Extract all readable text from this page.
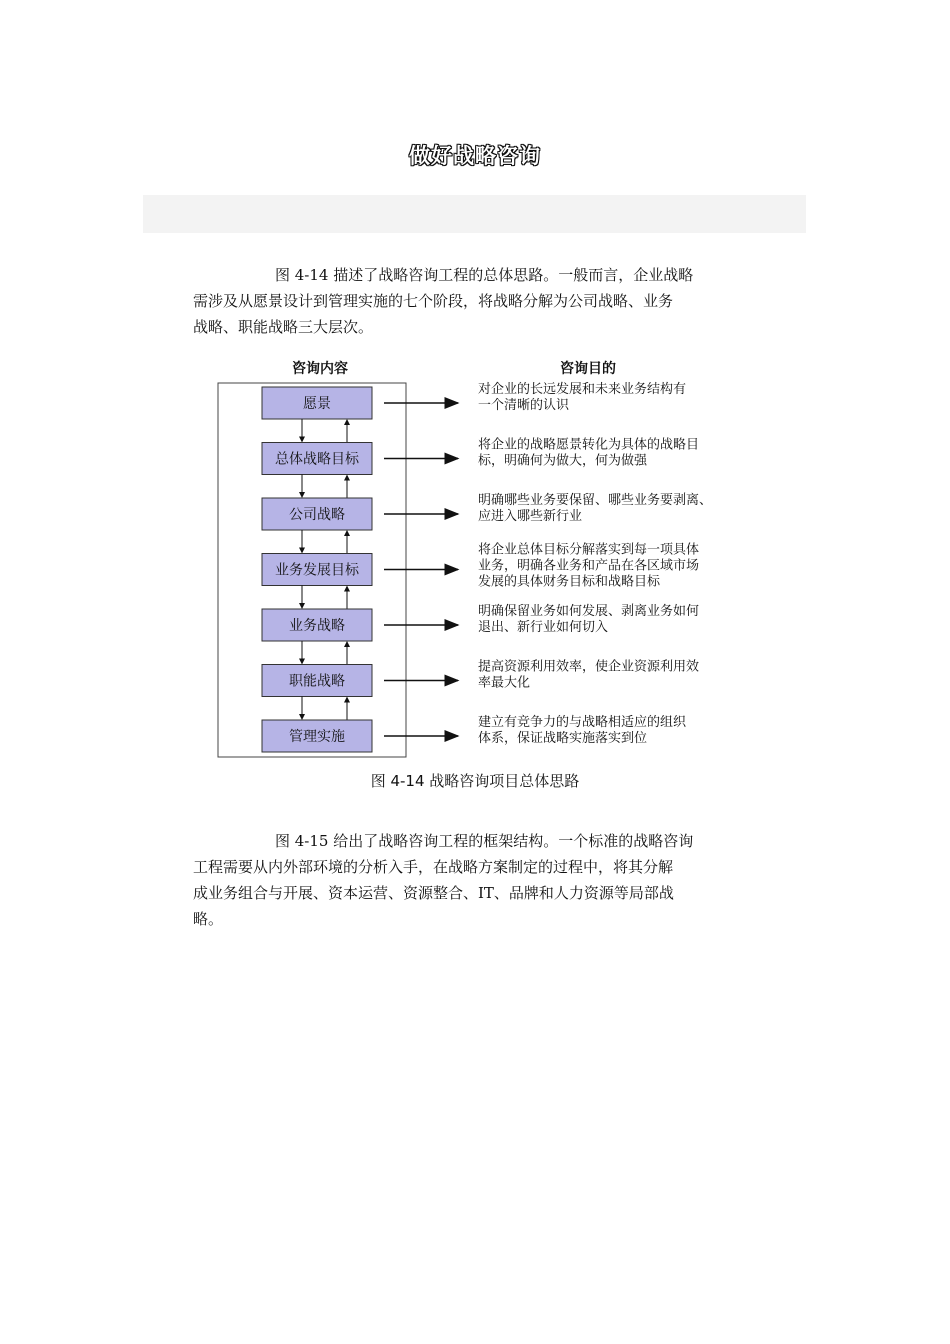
做好战略咨询

图 4-14 描述了战略咨询工程的总体思路。一般而言，企业战略
需涉及从愿景设计到管理实施的七个阶段，将战略分解为公司战略、业务
战略、职能战略三大层次。

咨询内容	咨询目的
愿景
对企业的长远发展和未来业务结构有
一个清晰的认识
总体战略目标
将企业的战略愿景转化为具体的战略目
标，明确何为做大，何为做强
公司战略
明确哪些业务要保留、哪些业务要剥离、
应进入哪些新行业
业务发展目标
将企业总体目标分解落实到每一项具体
业务，明确各业务和产品在各区域市场
发展的具体财务目标和战略目标
业务战略
明确保留业务如何发展、剥离业务如何
退出、新行业如何切入
职能战略
提高资源利用效率，使企业资源利用效
率最大化
管理实施
建立有竞争力的与战略相适应的组织
体系，保证战略实施落实到位
图 4-14 战略咨询项目总体思路

图 4-15 给出了战略咨询工程的框架结构。一个标准的战略咨询
工程需要从内外部环境的分析入手，在战略方案制定的过程中，将其分解
成业务组合与开展、资本运营、资源整合、IT、品牌和人力资源等局部战
略。
